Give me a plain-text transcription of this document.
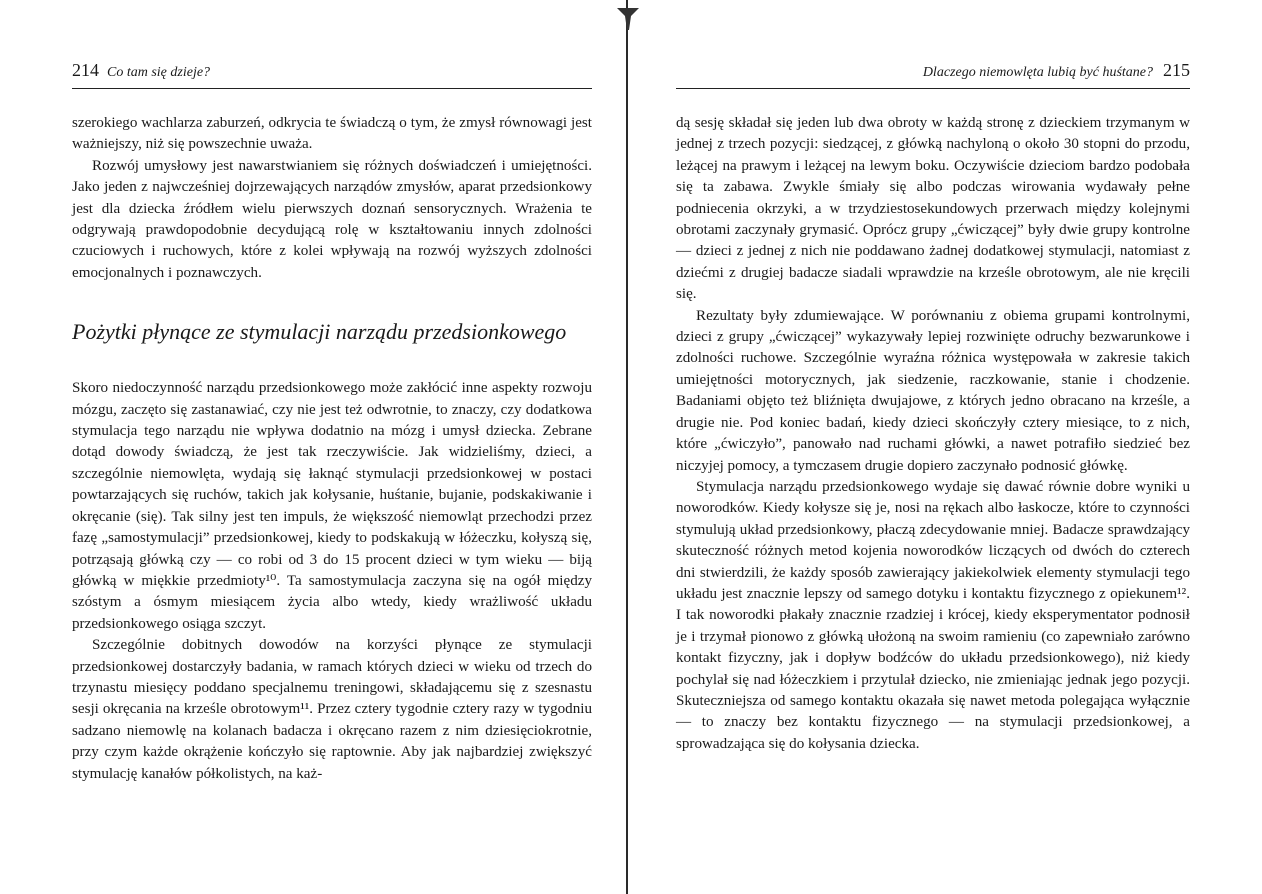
214 Co tam się dzieje?

szerokiego wachlarza zaburzeń, odkrycia te świadczą o tym, że zmysł równowagi jest ważniejszy, niż się powszechnie uważa.

Rozwój umysłowy jest nawarstwianiem się różnych doświadczeń i umiejętności. Jako jeden z najwcześniej dojrzewających narządów zmysłów, aparat przedsionkowy jest dla dziecka źródłem wielu pierwszych doznań sensorycznych. Wrażenia te odgrywają prawdopodobnie decydującą rolę w kształtowaniu innych zdolności czuciowych i ruchowych, które z kolei wpływają na rozwój wyższych zdolności emocjonalnych i poznawczych.

Pożytki płynące ze stymulacji narządu przedsionkowego

Skoro niedoczynność narządu przedsionkowego może zakłócić inne aspekty rozwoju mózgu, zaczęto się zastanawiać, czy nie jest też odwrotnie, to znaczy, czy dodatkowa stymulacja tego narządu nie wpływa dodatnio na mózg i umysł dziecka. Zebrane dotąd dowody świadczą, że jest tak rzeczywiście. Jak widzieliśmy, dzieci, a szczególnie niemowlęta, wydają się łaknąć stymulacji przedsionkowej w postaci powtarzających się ruchów, takich jak kołysanie, huśtanie, bujanie, podskakiwanie i okręcanie (się). Tak silny jest ten impuls, że większość niemowląt przechodzi przez fazę „samostymulacji” przedsionkowej, kiedy to podskakują w łóżeczku, kołyszą się, potrząsają główką czy — co robi od 3 do 15 procent dzieci w tym wieku — biją główką w miękkie przedmioty¹⁰. Ta samostymulacja zaczyna się na ogół między szóstym a ósmym miesiącem życia albo wtedy, kiedy wrażliwość układu przedsionkowego osiąga szczyt.

Szczególnie dobitnych dowodów na korzyści płynące ze stymulacji przedsionkowej dostarczyły badania, w ramach których dzieci w wieku od trzech do trzynastu miesięcy poddano specjalnemu treningowi, składającemu się z szesnastu sesji okręcania na krześle obrotowym¹¹. Przez cztery tygodnie cztery razy w tygodniu sadzano niemowlę na kolanach badacza i okręcano razem z nim dziesięciokrotnie, przy czym każde okrążenie kończyło się raptownie. Aby jak najbardziej zwiększyć stymulację kanałów półkolistych, na każ-

Dlaczego niemowlęta lubią być huśtane? 215

dą sesję składał się jeden lub dwa obroty w każdą stronę z dzieckiem trzymanym w jednej z trzech pozycji: siedzącej, z główką nachyloną o około 30 stopni do przodu, leżącej na prawym i leżącej na lewym boku. Oczywiście dzieciom bardzo podobała się ta zabawa. Zwykle śmiały się albo podczas wirowania wydawały pełne podniecenia okrzyki, a w trzydziestosekundowych przerwach między kolejnymi obrotami zaczynały grymasić. Oprócz grupy „ćwiczącej” były dwie grupy kontrolne — dzieci z jednej z nich nie poddawano żadnej dodatkowej stymulacji, natomiast z dziećmi z drugiej badacze siadali wprawdzie na krześle obrotowym, ale nie kręcili się.

Rezultaty były zdumiewające. W porównaniu z obiema grupami kontrolnymi, dzieci z grupy „ćwiczącej” wykazywały lepiej rozwinięte odruchy bezwarunkowe i zdolności ruchowe. Szczególnie wyraźna różnica występowała w zakresie takich umiejętności motorycznych, jak siedzenie, raczkowanie, stanie i chodzenie. Badaniami objęto też bliźnięta dwujajowe, z których jedno obracano na krześle, a drugie nie. Pod koniec badań, kiedy dzieci skończyły cztery miesiące, to z nich, które „ćwiczyło”, panowało nad ruchami główki, a nawet potrafiło siedzieć bez niczyjej pomocy, a tymczasem drugie dopiero zaczynało podnosić główkę.

Stymulacja narządu przedsionkowego wydaje się dawać równie dobre wyniki u noworodków. Kiedy kołysze się je, nosi na rękach albo łaskocze, które to czynności stymulują układ przedsionkowy, płaczą zdecydowanie mniej. Badacze sprawdzający skuteczność różnych metod kojenia noworodków liczących od dwóch do czterech dni stwierdzili, że każdy sposób zawierający jakiekolwiek elementy stymulacji tego układu jest znacznie lepszy od samego dotyku i kontaktu fizycznego z opiekunem¹². I tak noworodki płakały znacznie rzadziej i krócej, kiedy eksperymentator podnosił je i trzymał pionowo z główką ułożoną na swoim ramieniu (co zapewniało zarówno kontakt fizyczny, jak i dopływ bodźców do układu przedsionkowego), niż kiedy pochylał się nad łóżeczkiem i przytulał dziecko, nie zmieniając jednak jego pozycji. Skuteczniejsza od samego kontaktu okazała się nawet metoda polegająca wyłącznie — to znaczy bez kontaktu fizycznego — na stymulacji przedsionkowej, a sprowadzająca się do kołysania dziecka.
